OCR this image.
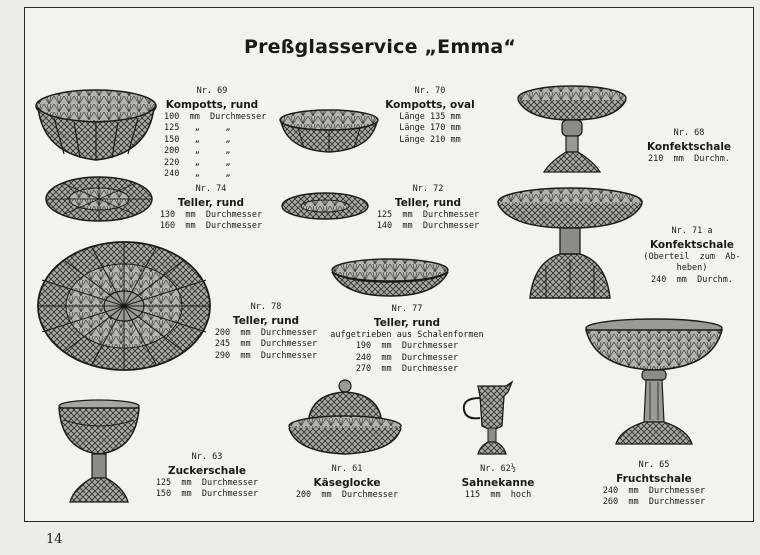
Preßglasservice „Emma“
Nr. 69
Kompotts, rund
100  mm  Durchmesser
125   „     „
150   „     „
200   „     „
220   „     „
240   „     „
Nr. 70
Kompotts, oval
Länge 135 mm
Länge 170 mm
Länge 210 mm
Nr. 68
Konfektschale
210  mm  Durchm.
Nr. 74
Teller, rund
130  mm  Durchmesser
160  mm  Durchmesser
Nr. 72
Teller, rund
125  mm  Durchmesser
140  mm  Durchmesser	Nr. 71 a
Konfektschale
(Oberteil  zum  Ab-
heben)
240  mm  Durchm.
Nr. 78
Teller, rund
200  mm  Durchmesser
245  mm  Durchmesser
290  mm  Durchmesser
Nr. 77
Teller, rund
aufgetrieben aus Schalenformen
190  mm  Durchmesser
240  mm  Durchmesser
270  mm  Durchmesser
Nr. 63
Zuckerschale
125  mm  Durchmesser
150  mm  Durchmesser
Nr. 61
Käseglocke
200  mm  Durchmesser
Nr. 62½
Sahnekanne
115  mm  hoch
Nr. 65
Fruchtschale
240  mm  Durchmesser
260  mm  Durchmesser
14
